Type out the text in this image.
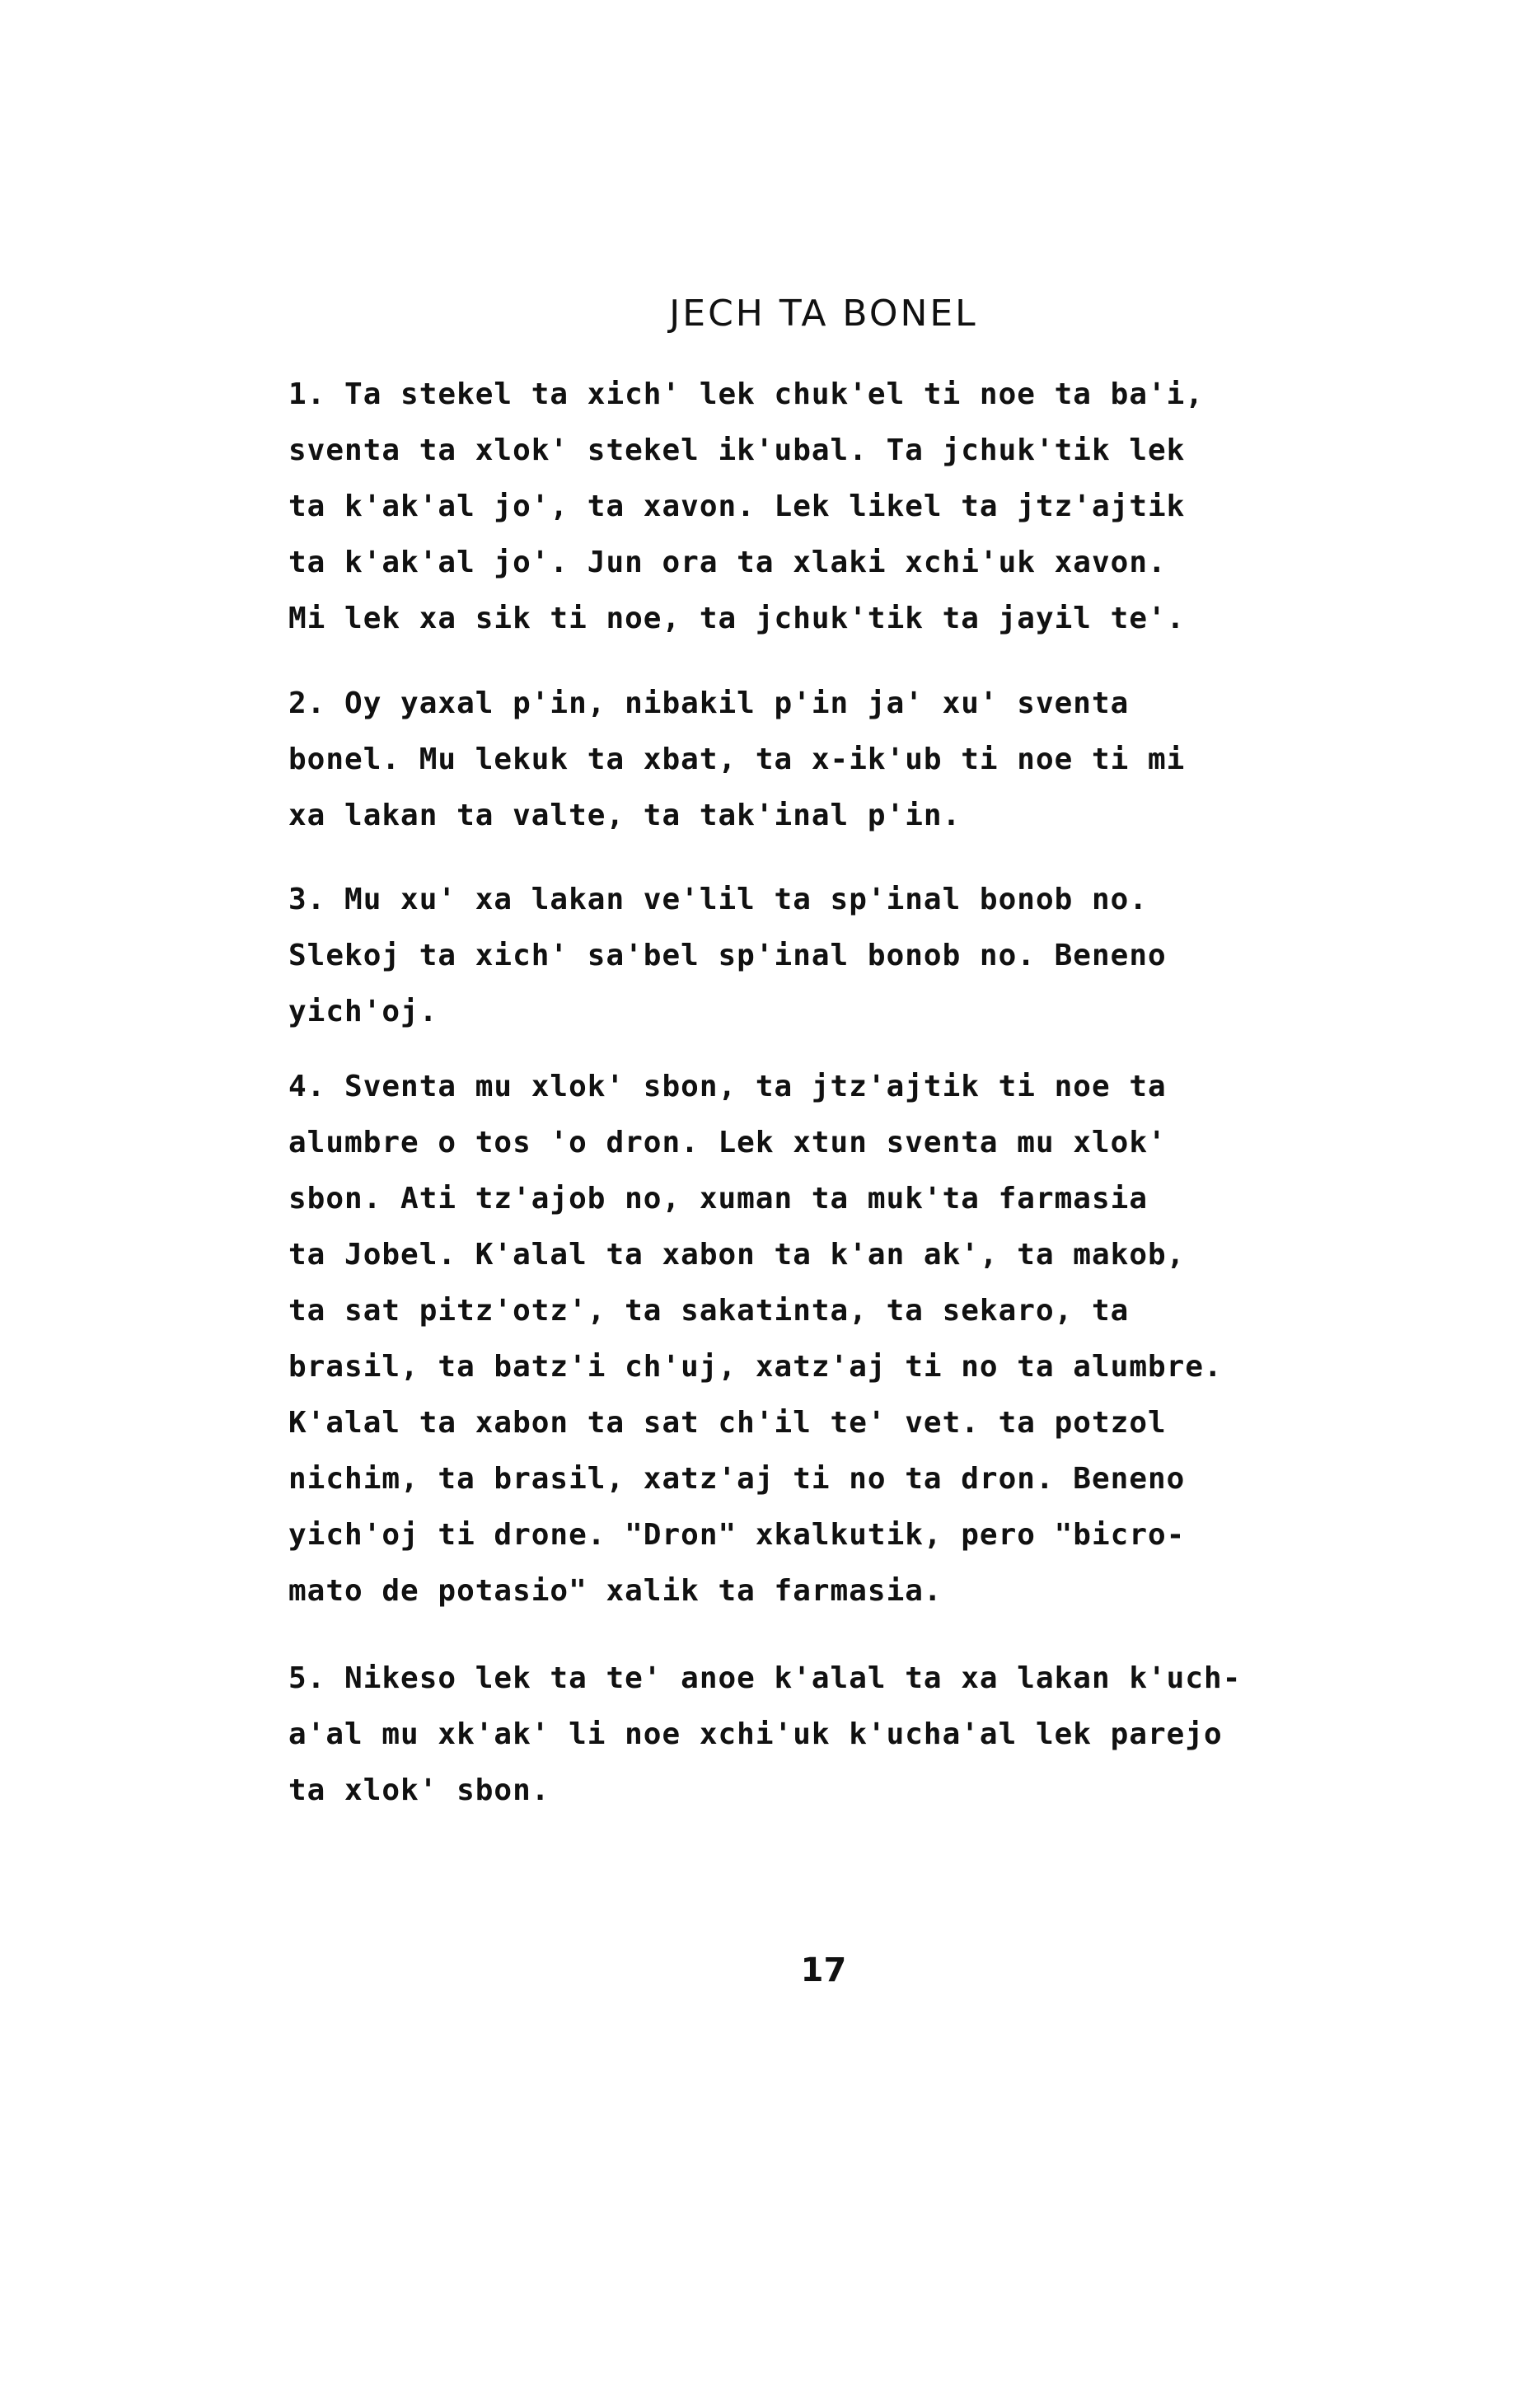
JECH TA BONEL
1. Ta stekel ta xich' lek chuk'el ti noe ta ba'i,
sventa ta xlok' stekel ik'ubal. Ta jchuk'tik lek
ta k'ak'al jo', ta xavon. Lek likel ta jtz'ajtik
ta k'ak'al jo'. Jun ora ta xlaki xchi'uk xavon.
Mi lek xa sik ti noe, ta jchuk'tik ta jayil te'.
2. Oy yaxal p'in, nibakil p'in ja' xu' sventa
bonel. Mu lekuk ta xbat, ta x-ik'ub ti noe ti mi
xa lakan ta valte, ta tak'inal p'in.
3. Mu xu' xa lakan ve'lil ta sp'inal bonob no.
Slekoj ta xich' sa'bel sp'inal bonob no. Beneno
yich'oj.
4. Sventa mu xlok' sbon, ta jtz'ajtik ti noe ta
alumbre o tos 'o dron. Lek xtun sventa mu xlok'
sbon. Ati tz'ajob no, xuman ta muk'ta farmasia
ta Jobel. K'alal ta xabon ta k'an ak', ta makob,
ta sat pitz'otz', ta sakatinta, ta sekaro, ta
brasil, ta batz'i ch'uj, xatz'aj ti no ta alumbre.
K'alal ta xabon ta sat ch'il te' vet. ta potzol
nichim, ta brasil, xatz'aj ti no ta dron. Beneno
yich'oj ti drone. "Dron" xkalkutik, pero "bicro-
mato de potasio" xalik ta farmasia.
5. Nikeso lek ta te' anoe k'alal ta xa lakan k'uch-
a'al mu xk'ak' li noe xchi'uk k'ucha'al lek parejo
ta xlok' sbon.
17
